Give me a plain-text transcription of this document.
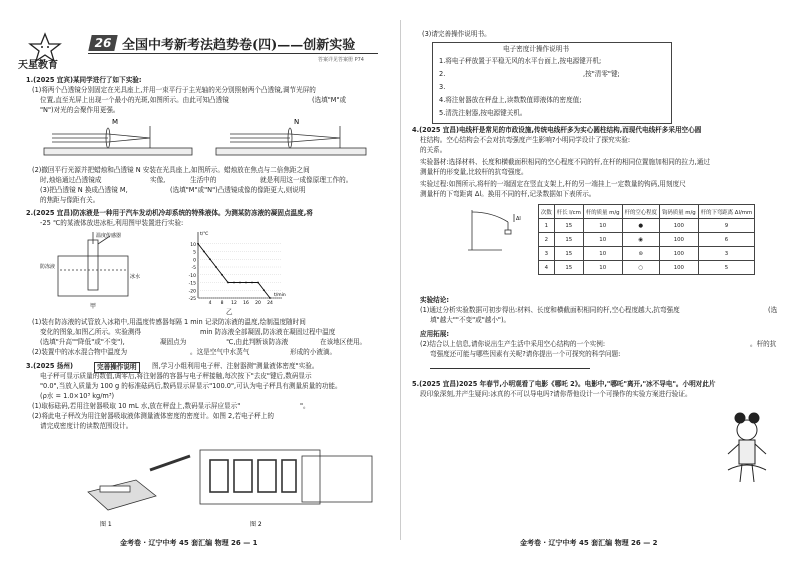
天星教育
26 全国中考新考法趋势卷(四)——创新实验
答案详见答案册 P74
1.(2025 宜宾)某同学进行了如下实验:
(1)将两个凸透镜分别固定在光具座上,并用一束平行于主光轴的光分别照射两个凸透镜,调节光屏的
位置,直至光屏上出现一个最小的光斑,如图所示。由此可知凸透镜	(选填"M"或
"N")对光的会聚作用更强。
M	N
(2)撤回平行光源并把蜡烛和凸透镜 N 安装在光具座上,如图所示。蜡烛放在焦点与二倍焦距之间
时,烛焰通过凸透镜成	实像,	生活中的	就是利用这一成像原理工作的。
(3)把凸透镜 N 换成凸透镜 M,	(选填"M"或"N")凸透镜成像的像距更大,则说明
的焦距与像距有关。
2.(2025 宜昌)防冻液是一种用于汽车发动机冷却系统的特殊液体。为测某防冻液的凝固点温度,将
-25 ℃的某液体放进冰柜,利用图甲装置进行实验:
温度传感器
防冻液
冰水
甲
10
5
0
-5
-10
-15
-20
-25
4 8 12 16 20 24
t/℃
t/min
乙
(1)装有防冻液的试管放入冰箱中,用温度传感器每隔 1 min 记录防冻液的温度,绘制温度随时间
变化的图象,如图乙所示。实验测得	min 防冻液全部凝固,防冻液在凝固过程中温度
(选填"升高""降低"或"不变"),	凝固点为	℃,由此判断该防冻液	在该地区使用。
(2)装置中的冰水混合物中温度为	。这是空气中水蒸气	形成的小液滴。
3.(2025 扬州)	完善操作说明	图,学习小组利用电子秤、注射器测"测量液体密度"实验。
电子秤可显示质量的数值,调零后,将注射器的容器与电子秤接触,每次按下"去皮"键后,数码显示
"0.0",当放入质量为 100 g 的标准砝码后,数码显示屏显示"100.0",可认为电子秤具有测量质量的功能。
(ρ水 = 1.0×10³ kg/m³)
(1)取标砝码,若用注射器吸取 10 mL 水,放在秤盘上,数码显示屏应显示"	"。
(2)将此电子秤改为用注射器吸取液体测量液体密度的密度计。如图 2,若电子秤上的
请完成密度计的读数范围设计。
图 1	图 2
金考卷 · 辽宁中考 45 套汇编 物理 26 — 1
(3)请完善操作说明书。
电子密度计操作说明书
1.将电子秤放置于平稳无风的水平台面上,按电源键开机;
2.	,按"清零"键;
3.
4.将注射器放在秤盘上,读数数值即液体的密度值;
5.清洗注射器,按电源键关机。
4.(2025 宜昌)电线杆是常见的市政设施,传统电线杆多为实心圆柱结构,而现代电线杆多采用空心圆
柱结构。空心结构会不会对抗弯强度产生影响?小明同学设计了探究实验:
的关系。
实验器材:选择材料、长度和横截面积相同的空心程度不同的杆,在杆的相同位置施加相同的拉力,通过
测量杆的形变量,比较杆的抗弯强度。
实验过程:如图所示,将杆的一端固定在竖直支架上,杆的另一端挂上一定数量的钩码,用刻度尺
测量杆的下弯距离 Δl。换用不同的杆,记录数据如下表所示。
Δl
次数	杆长 l/cm	杆的质量 m/g	杆的空心程度	钩码质量 m/g	杆的下弯距离 Δl/mm
1	15	10	●	100	9
2	15	10	◉	100	6
3	15	10	⊚	100	3
4	15	10	○	100	5
实验结论:
(1)通过分析实验数据可初步得出:材料、长度和横截面积相同的杆,空心程度越大,抗弯强度	(选
填"越大""不变"或"越小")。
应用拓展:
(2)结合以上信息,请你说出生产生活中采用空心结构的一个实例:	。杆的抗
弯强度还可能与哪些因素有关呢?请你提出一个可探究的科学问题:
5.(2025 宜昌)2025 年春节,小明观看了电影《哪吒 2》。电影中,"哪吒"离开,"冰不导电"。小明对此片
段印象深刻,并产生疑问:冰真的不可以导电吗?请你帮他设计一个可操作的实验方案进行验证。
金考卷 · 辽宁中考 45 套汇编 物理 26 — 2
